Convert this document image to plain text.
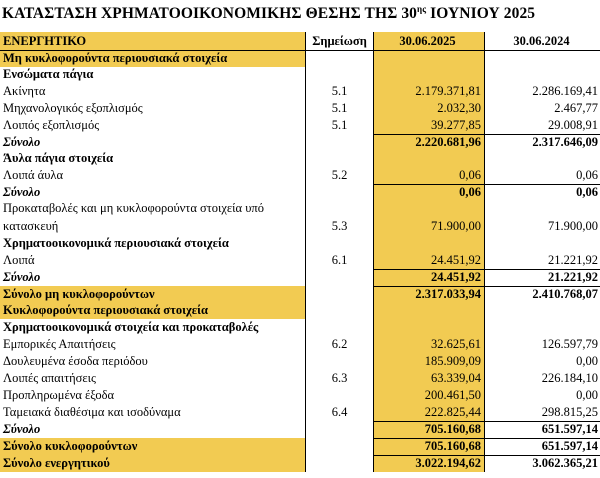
ΚΑΤΑΣΤΑΣΗ ΧΡΗΜΑΤΟΟΙΚΟΝΟΜΙΚΗΣ ΘΕΣΗΣ ΤΗΣ $30^{\eta\varsigma}$ ΙΟΥΝΙΟΥ 2025
ΕΝΕΡΓΗΤΙΚΟ	Σημείωση	30.06.2025	30.06.2024
Μη κυκλοφορούντα περιουσιακά στοιχεία
Ενσώματα πάγια
Ακίνητα	5.1	2.179.371,81	2.286.169,41
Μηχανολογικός εξοπλισμός	5.1	2.032,30	2.467,77
Λοιπός εξοπλισμός	5.1	39.277,85	29.008,91
Σύνολο	2.220.681,96	2.317.646,09
Άυλα πάγια στοιχεία
Λοιπά άυλα	5.2	0,06	0,06
Σύνολο	0,06	0,06
Προκαταβολές και μη κυκλοφορούντα στοιχεία υπό
κατασκευή	5.3	71.900,00	71.900,00
Χρηματοοικονομικά περιουσιακά στοιχεία
Λοιπά	6.1	24.451,92	21.221,92
Σύνολο	24.451,92	21.221,92
Σύνολο μη κυκλοφορούντων	2.317.033,94	2.410.768,07
Κυκλοφορούντα περιουσιακά στοιχεία
Χρηματοοικονομικά στοιχεία και προκαταβολές
Εμπορικές Απαιτήσεις	6.2	32.625,61	126.597,79
Δουλευμένα έσοδα περιόδου	185.909,09	0,00
Λοιπές απαιτήσεις	6.3	63.339,04	226.184,10
Προπληρωμένα έξοδα	200.461,50	0,00
Ταμειακά διαθέσιμα και ισοδύναμα	6.4	222.825,44	298.815,25
Σύνολο	705.160,68	651.597,14
Σύνολο κυκλοφορούντων	705.160,68	651.597,14
Σύνολο ενεργητικού	3.022.194,62	3.062.365,21
